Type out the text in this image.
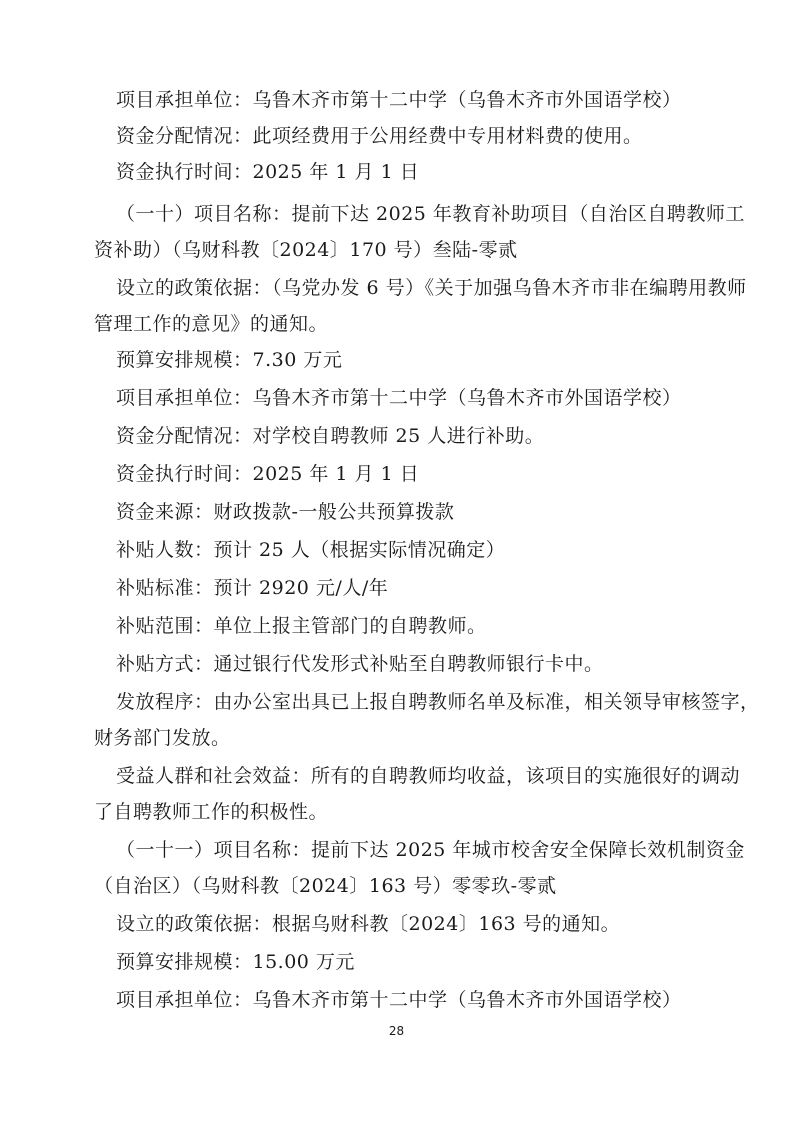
项目承担单位：乌鲁木齐市第十二中学（乌鲁木齐市外国语学校）
资金分配情况：此项经费用于公用经费中专用材料费的使用。
资金执行时间：2025 年 1 月 1 日
（一十）项目名称：提前下达 2025 年教育补助项目（自治区自聘教师工
资补助）（乌财科教〔2024〕170 号）叁陆-零贰
设立的政策依据：（乌党办发 6 号）《关于加强乌鲁木齐市非在编聘用教师
管理工作的意见》的通知。
预算安排规模：7.30 万元
项目承担单位：乌鲁木齐市第十二中学（乌鲁木齐市外国语学校）
资金分配情况：对学校自聘教师 25 人进行补助。
资金执行时间：2025 年 1 月 1 日
资金来源：财政拨款-一般公共预算拨款
补贴人数：预计 25 人（根据实际情况确定）
补贴标准：预计 2920 元/人/年
补贴范围：单位上报主管部门的自聘教师。
补贴方式：通过银行代发形式补贴至自聘教师银行卡中。
发放程序：由办公室出具已上报自聘教师名单及标准，相关领导审核签字，
财务部门发放。
受益人群和社会效益：所有的自聘教师均收益，该项目的实施很好的调动
了自聘教师工作的积极性。
（一十一）项目名称：提前下达 2025 年城市校舍安全保障长效机制资金
（自治区）（乌财科教〔2024〕163 号）零零玖-零贰
设立的政策依据：根据乌财科教〔2024〕163 号的通知。
预算安排规模：15.00 万元
项目承担单位：乌鲁木齐市第十二中学（乌鲁木齐市外国语学校）
28
